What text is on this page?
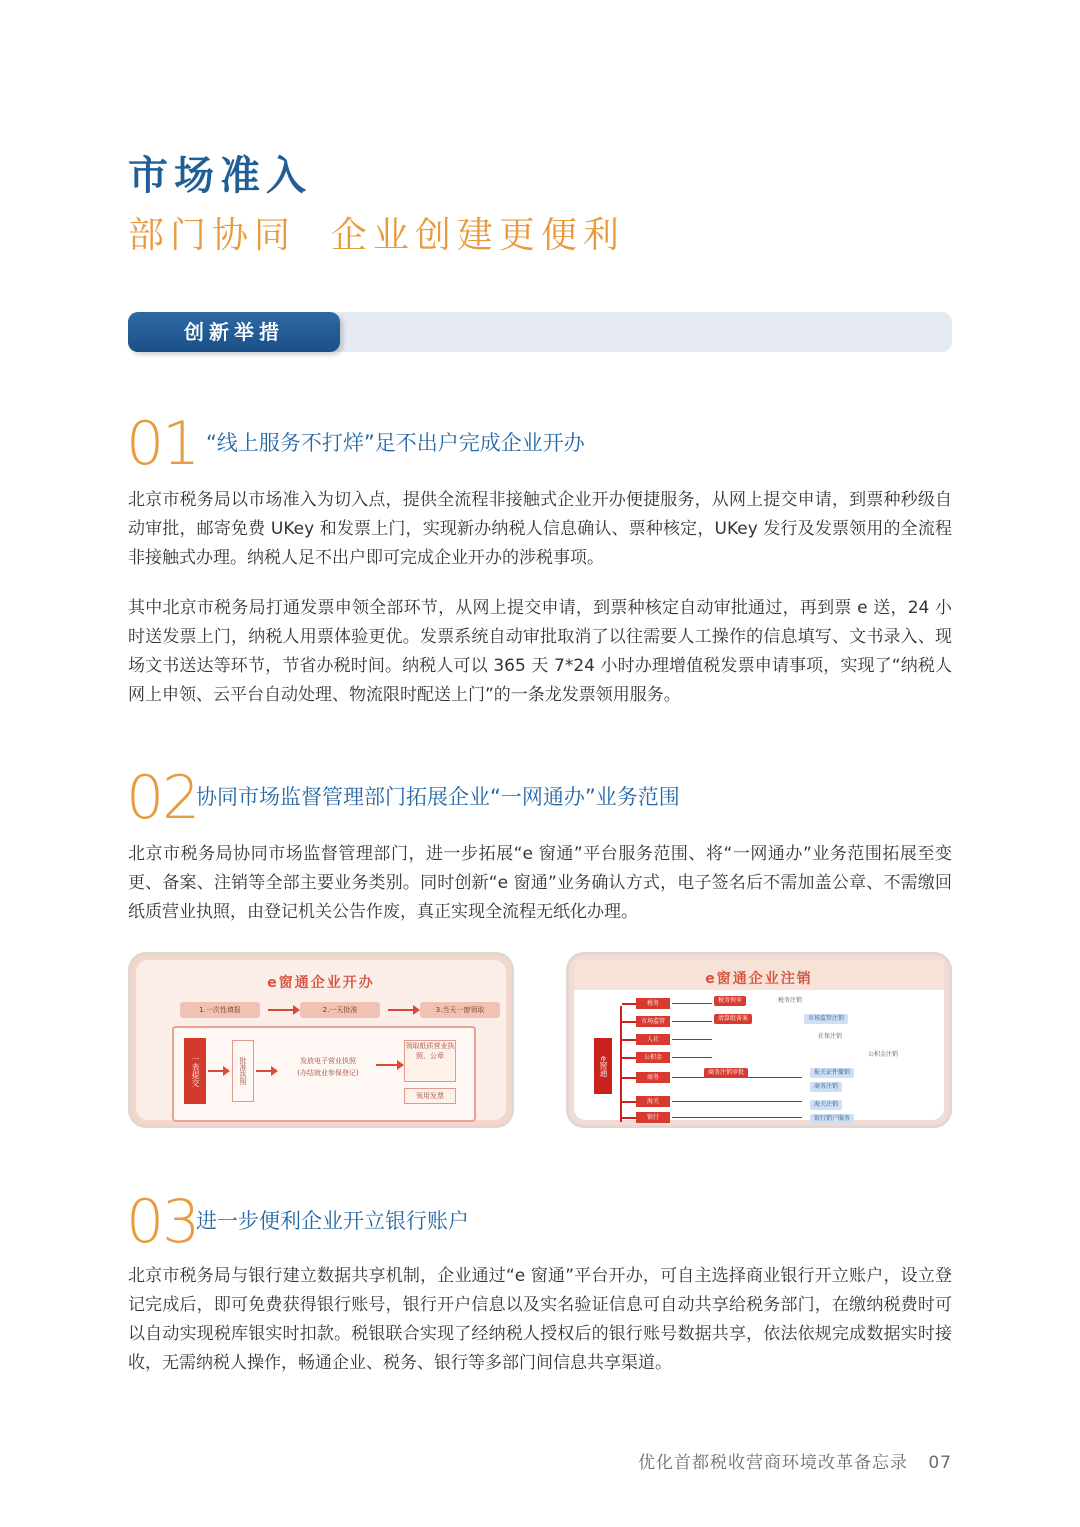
市场准入
部门协同  企业创建更便利
创新举措
01 “线上服务不打烊”足不出户完成企业开办

北京市税务局以市场准入为切入点，提供全流程非接触式企业开办便捷服务，从网上提交申请，到票种秒级自动审批，邮寄免费 UKey 和发票上门，实现新办纳税人信息确认、票种核定，UKey 发行及发票领用的全流程非接触式办理。纳税人足不出户即可完成企业开办的涉税事项。

其中北京市税务局打通发票申领全部环节，从网上提交申请，到票种核定自动审批通过，再到票 e 送，24 小时送发票上门，纳税人用票体验更优。发票系统自动审批取消了以往需要人工操作的信息填写、文书录入、现场文书送达等环节，节省办税时间。纳税人可以 365 天 7*24 小时办理增值税发票申请事项，实现了“纳税人网上申领、云平台自动处理、物流限时配送上门”的一条龙发票领用服务。

02
协同市场监督管理部门拓展企业“一网通办”业务范围

北京市税务局协同市场监督管理部门，进一步拓展“e 窗通”平台服务范围、将“一网通办”业务范围拓展至变更、备案、注销等全部主要业务类别。同时创新“e 窗通”业务确认方式，电子签名后不需加盖公章、不需缴回纸质营业执照，由登记机关公告作废，真正实现全流程无纸化办理。

e窗通企业开办
1.一次性填报	2.一天批准	3.当天一窗领取
一表提交	批准执照	发放电子营业执照
(办结就业参保登记)
领取纸质营业执照、公章
领用发票
e窗通企业注销
e窗通
税务
市场监管
人社
公积金
商务
海关
银行
税务预审	税务注销
清算组备案	市场监管注销
社保注销
公积金注销
商务注销审批	报关证件撤销
商务注销
海关注销
银行销户服务
03
进一步便利企业开立银行账户

北京市税务局与银行建立数据共享机制，企业通过“e 窗通”平台开办，可自主选择商业银行开立账户，设立登记完成后，即可免费获得银行账号，银行开户信息以及实名验证信息可自动共享给税务部门，在缴纳税费时可以自动实现税库银实时扣款。税银联合实现了经纳税人授权后的银行账号数据共享，依法依规完成数据实时接收，无需纳税人操作，畅通企业、税务、银行等多部门间信息共享渠道。

优化首都税收营商环境改革备忘录 07
